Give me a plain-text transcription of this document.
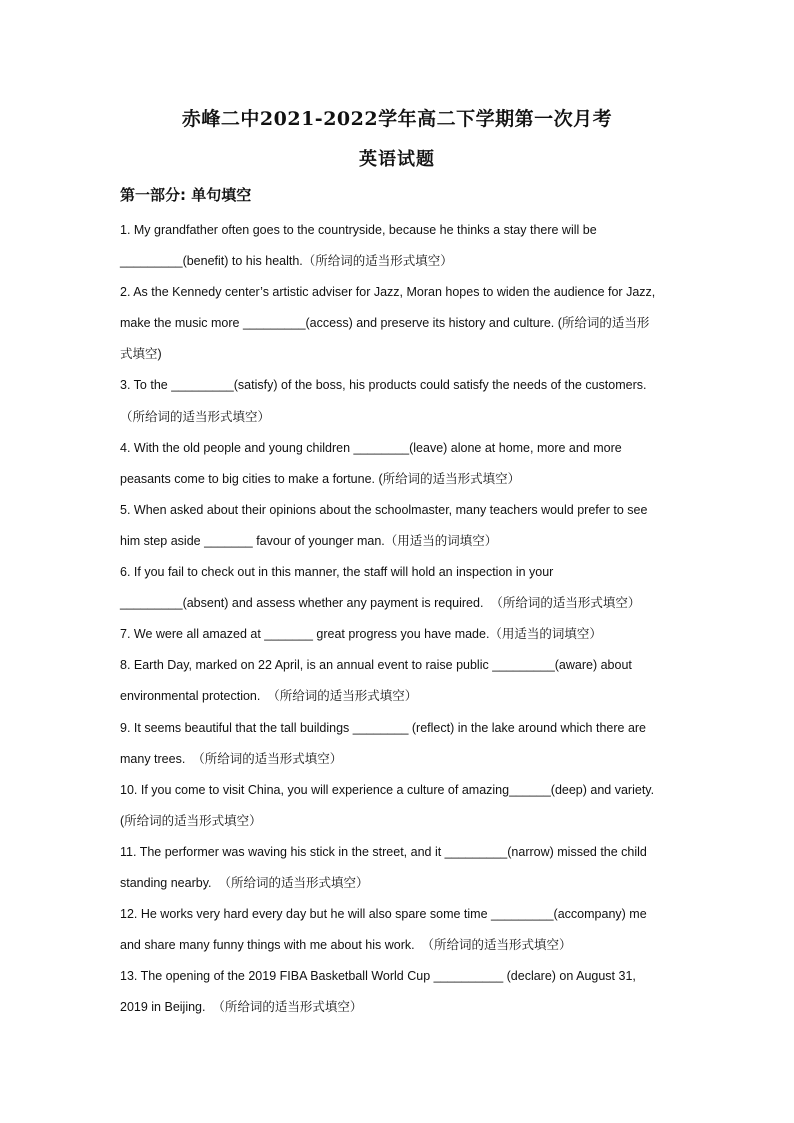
赤峰二中2021-2022学年高二下学期第一次月考
英语试题
第一部分: 单句填空
1. My grandfather often goes to the countryside, because he thinks a stay there will be
_________(benefit) to his health.（所给词的适当形式填空）
2. As the Kennedy center’s artistic adviser for Jazz, Moran hopes to widen the audience for Jazz,
make the music more _________(access) and preserve its history and culture. (所给词的适当形
式填空)
3. To the _________(satisfy) of the boss, his products could satisfy the needs of the customers.
（所给词的适当形式填空）
4. With the old people and young children ________(leave) alone at home, more and more
peasants come to big cities to make a fortune. (所给词的适当形式填空）
5. When asked about their opinions about the schoolmaster, many teachers would prefer to see
him step aside _______ favour of younger man.（用适当的词填空）
6. If you fail to check out in this manner, the staff will hold an inspection in your
_________(absent) and assess whether any payment is required.  （所给词的适当形式填空）
7. We were all amazed at _______ great progress you have made.（用适当的词填空）
8. Earth Day, marked on 22 April, is an annual event to raise public _________(aware) about
environmental protection.  （所给词的适当形式填空）
9. It seems beautiful that the tall buildings ________ (reflect) in the lake around which there are
many trees.  （所给词的适当形式填空）
10. If you come to visit China, you will experience a culture of amazing______(deep) and variety.
(所给词的适当形式填空）
11. The performer was waving his stick in the street, and it _________(narrow) missed the child
standing nearby.  （所给词的适当形式填空）
12. He works very hard every day but he will also spare some time _________(accompany) me
and share many funny things with me about his work.  （所给词的适当形式填空）
13. The opening of the 2019 FIBA Basketball World Cup __________ (declare) on August 31,
2019 in Beijing.  （所给词的适当形式填空）
